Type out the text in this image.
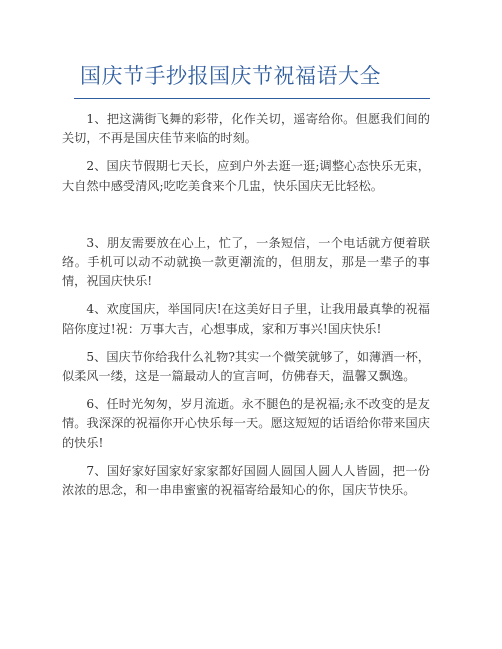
国庆节手抄报国庆节祝福语大全

1、把这满街飞舞的彩带，化作关切，遥寄给你。但愿我们间的关切，不再是国庆佳节来临的时刻。

2、国庆节假期七天长，应到户外去逛一逛;调整心态快乐无束，大自然中感受清风;吃吃美食来个几盅，快乐国庆无比轻松。

3、朋友需要放在心上，忙了，一条短信，一个电话就方便着联络。手机可以动不动就换一款更潮流的，但朋友，那是一辈子的事情，祝国庆快乐!

4、欢度国庆，举国同庆!在这美好日子里，让我用最真挚的祝福陪你度过!祝：万事大吉，心想事成，家和万事兴!国庆快乐!

5、国庆节你给我什么礼物?其实一个微笑就够了，如薄酒一杯，似柔风一缕，这是一篇最动人的宣言呵，仿佛春天，温馨又飘逸。

6、任时光匆匆，岁月流逝。永不腿色的是祝福;永不改变的是友情。我深深的祝福你开心快乐每一天。愿这短短的话语给你带来国庆的快乐!

7、国好家好国家好家家都好国圆人圆国人圆人人皆圆，把一份浓浓的思念，和一串串蜜蜜的祝福寄给最知心的你，国庆节快乐。
